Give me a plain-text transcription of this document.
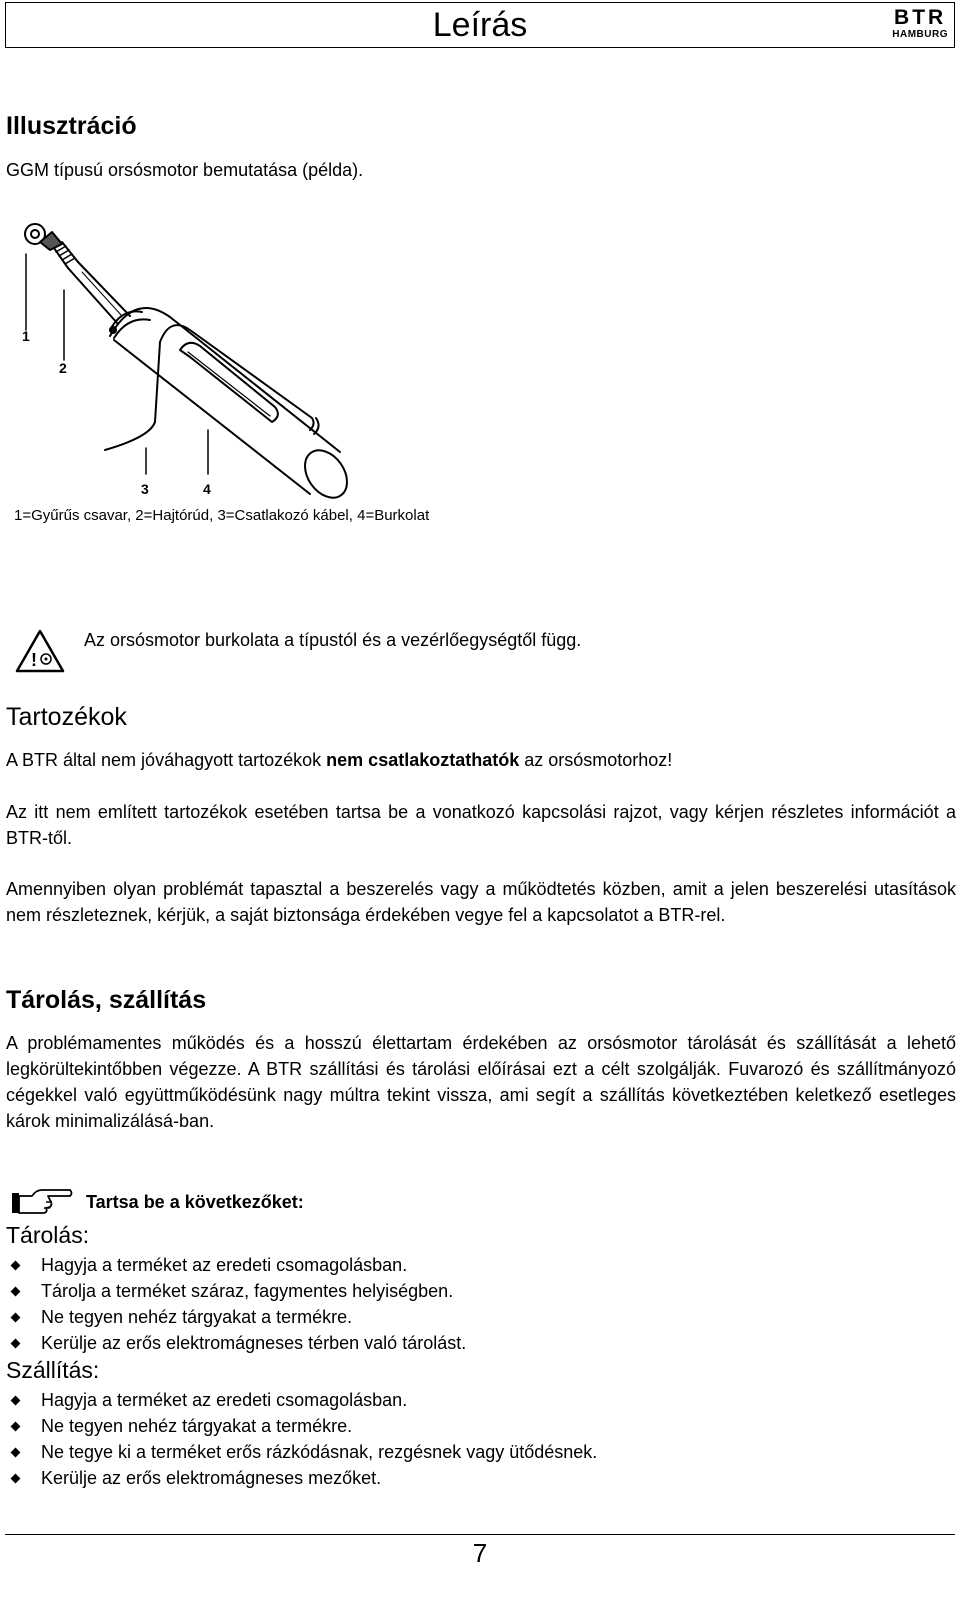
Leírás	BTR
HAMBURG
Illusztráció

GGM típusú orsósmotor bemutatása (példa).

1
2
3	4

1=Gyűrűs csavar, 2=Hajtórúd, 3=Csatlakozó kábel, 4=Burkolat

!

Az orsósmotor burkolata a típustól és a vezérlőegységtől függ.

Tartozékok

A BTR által nem jóváhagyott tartozékok nem csatlakoztathatók az orsósmotorhoz!

Az itt nem említett tartozékok esetében tartsa be a vonatkozó kapcsolási rajzot, vagy kérjen részletes információt a BTR-től.

Amennyiben olyan problémát tapasztal a beszerelés vagy a működtetés közben, amit a jelen beszerelési utasítások nem részleteznek, kérjük, a saját biztonsága érdekében vegye fel a kapcsolatot a BTR-rel.

Tárolás, szállítás

A problémamentes működés és a hosszú élettartam érdekében az orsósmotor tárolását és szállítását a lehető legkörültekintőbben végezze. A BTR szállítási és tárolási előírásai ezt a célt szolgálják. Fuvarozó és szállítmányozó cégekkel való együttműködésünk nagy múltra tekint vissza, ami segít a szállítás következtében keletkező esetleges károk minimalizálásá-ban.

Tartsa be a következőket:

Tárolás:
Hagyja a terméket az eredeti csomagolásban.
Tárolja a terméket száraz, fagymentes helyiségben.
Ne tegyen nehéz tárgyakat a termékre.
Kerülje az erős elektromágneses térben való tárolást.
Szállítás:
Hagyja a terméket az eredeti csomagolásban.
Ne tegyen nehéz tárgyakat a termékre.
Ne tegye ki a terméket erős rázkódásnak, rezgésnek vagy ütődésnek.
Kerülje az erős elektromágneses mezőket.
7
